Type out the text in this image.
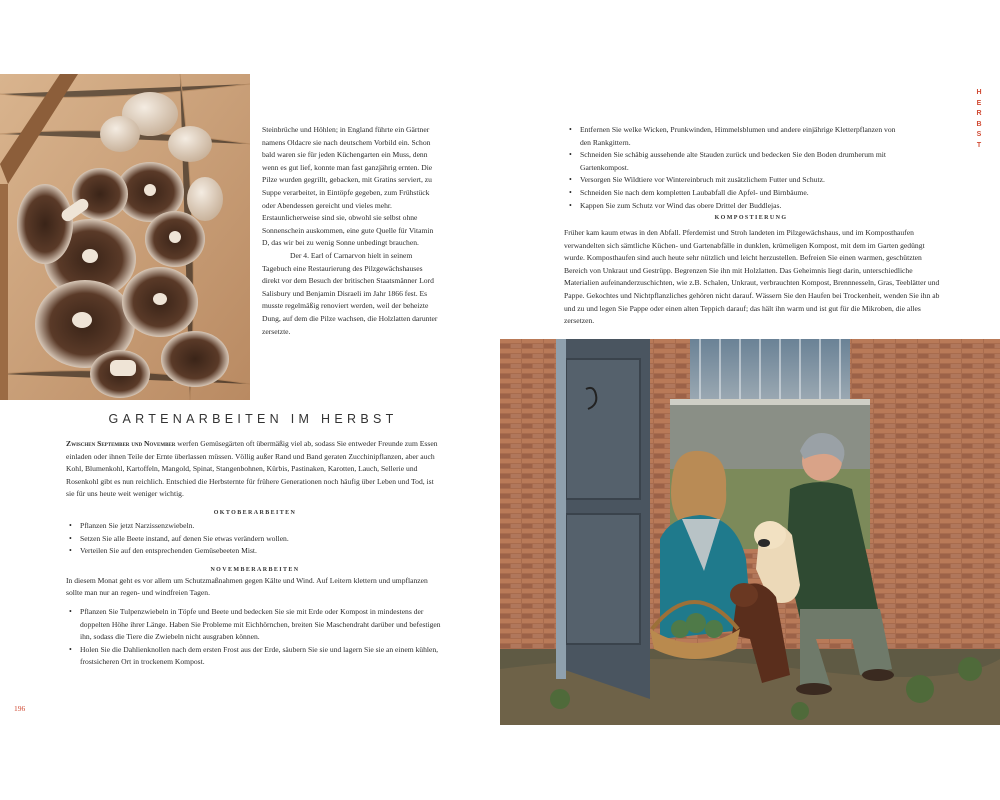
Steinbrüche und Höhlen; in England führte ein Gärtner namens Oldacre sie nach deutschem Vorbild ein. Schon bald waren sie für jeden Küchengarten ein Muss, denn wenn es gut lief, konnte man fast ganzjährig ernten. Die Pilze wurden gegrillt, gebacken, mit Gratins serviert, zu Suppe verarbeitet, in Eintöpfe gegeben, zum Frühstück oder Abendessen gereicht und vieles mehr. Erstaunlicherweise sind sie, obwohl sie selbst ohne Sonnenschein auskommen, eine gute Quelle für Vitamin D, das wir bei zu wenig Sonne unbedingt brauchen.

Der 4. Earl of Carnarvon hielt in seinem Tagebuch eine Restaurierung des Pilzgewächshauses direkt vor dem Besuch der britischen Staatsmänner Lord Salisbury und Benjamin Disraeli im Jahr 1866 fest. Es musste regelmäßig renoviert werden, weil der beheizte Dung, auf dem die Pilze wachsen, die Holzlatten darunter zersetzte.

GARTENARBEITEN IM HERBST

Zwischen September und November werfen Gemüsegärten oft übermäßig viel ab, sodass Sie entweder Freunde zum Essen einladen oder ihnen Teile der Ernte überlassen müssen. Völlig außer Rand und Band geraten Zucchinipflanzen, aber auch Kohl, Blumenkohl, Kartoffeln, Mangold, Spinat, Stangenbohnen, Kürbis, Pastinaken, Karotten, Lauch, Sellerie und Rosenkohl gibt es nun reichlich. Entschied die Herbsternte für frühere Generationen noch häufig über Leben und Tod, ist sie für uns heute weit weniger wichtig.

OKTOBERARBEITEN
• Pflanzen Sie jetzt Narzissenzwiebeln.
• Setzen Sie alle Beete instand, auf denen Sie etwas verändern wollen.
• Verteilen Sie auf den entsprechenden Gemüsebeeten Mist.
NOVEMBERARBEITEN

In diesem Monat geht es vor allem um Schutzmaßnahmen gegen Kälte und Wind. Auf Leitern klettern und umpflanzen sollte man nur an regen- und windfreien Tagen.

• Pflanzen Sie Tulpenzwiebeln in Töpfe und Beete und bedecken Sie sie mit Erde oder Kompost in mindestens der doppelten Höhe ihrer Länge. Haben Sie Probleme mit Eichhörnchen, breiten Sie Maschendraht darüber und befestigen ihn, sodass die Tiere die Zwiebeln nicht ausgraben können.
• Holen Sie die Dahlienknollen nach dem ersten Frost aus der Erde, säubern Sie sie und lagern Sie sie an einem kühlen, frostsicheren Ort in trockenem Kompost.
196
• Entfernen Sie welke Wicken, Prunkwinden, Himmelsblumen und andere einjährige Kletterpflanzen von den Rankgittern.
• Schneiden Sie schäbig aussehende alte Stauden zurück und bedecken Sie den Boden drumherum mit Gartenkompost.
• Versorgen Sie Wildtiere vor Wintereinbruch mit zusätzlichem Futter und Schutz.
• Schneiden Sie nach dem kompletten Laubabfall die Apfel- und Birnbäume.
• Kappen Sie zum Schutz vor Wind das obere Drittel der Buddlejas.
KOMPOSTIERUNG

Früher kam kaum etwas in den Abfall. Pferdemist und Stroh landeten im Pilzgewächshaus, und im Komposthaufen verwandelten sich sämtliche Küchen- und Gartenabfälle in dunklen, krümeligen Kompost, mit dem im Garten gedüngt wurde. Komposthaufen sind auch heute sehr nützlich und leicht herzustellen. Befreien Sie einen warmen, geschützten Bereich von Unkraut und Gestrüpp. Begrenzen Sie ihn mit Holzlatten. Das Geheimnis liegt darin, unterschiedliche Materialien aufeinanderzuschichten, wie z.B. Schalen, Unkraut, verbrauchten Kompost, Brennnesseln, Gras, Teeblätter und Pappe. Gekochtes und Nichtpflanzliches gehören nicht darauf. Wässern Sie den Haufen bei Trockenheit, wenden Sie ihn ab und zu und legen Sie Pappe oder einen alten Teppich darauf; das hält ihn warm und ist gut für die Mikroben, die alles zersetzen.

H
E
R
B
S
T
